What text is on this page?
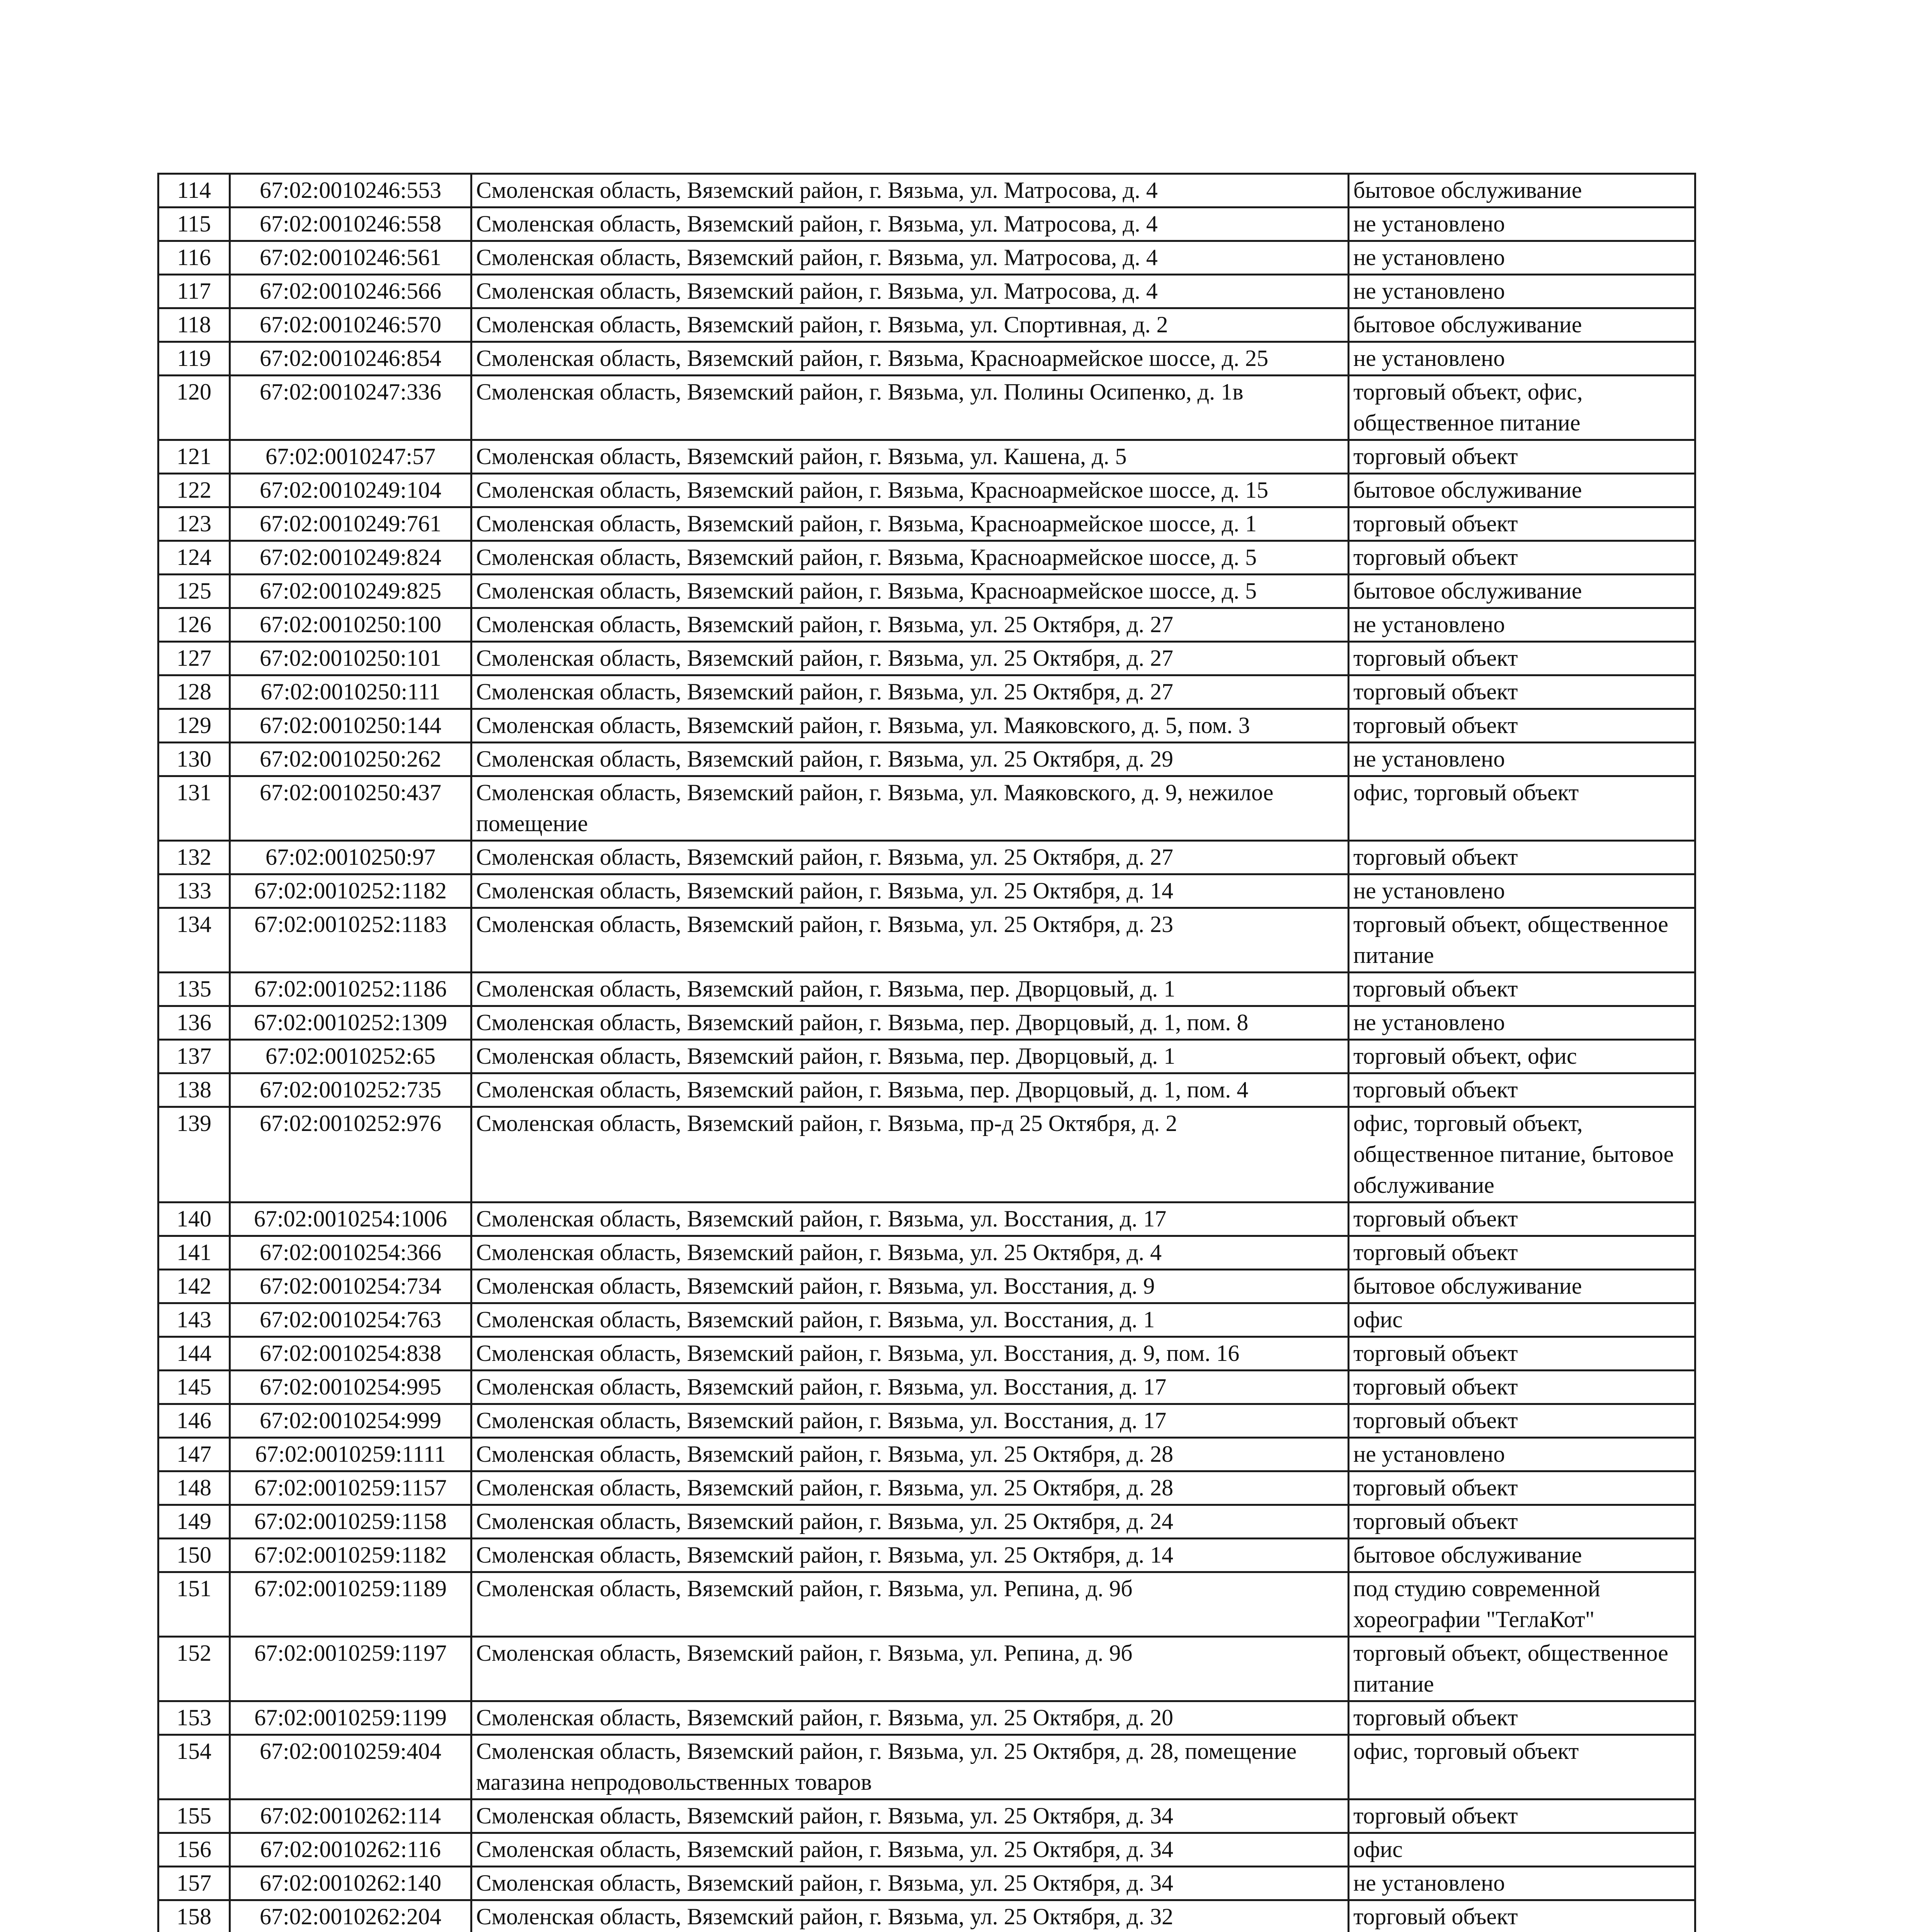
114	67:02:0010246:553	Смоленская область, Вяземский район, г. Вязьма, ул. Матросова, д. 4	бытовое обслуживание
115	67:02:0010246:558	Смоленская область, Вяземский район, г. Вязьма, ул. Матросова, д. 4	не установлено
116	67:02:0010246:561	Смоленская область, Вяземский район, г. Вязьма, ул. Матросова, д. 4	не установлено
117	67:02:0010246:566	Смоленская область, Вяземский район, г. Вязьма, ул. Матросова, д. 4	не установлено
118	67:02:0010246:570	Смоленская область, Вяземский район, г. Вязьма, ул. Спортивная, д. 2	бытовое обслуживание
119	67:02:0010246:854	Смоленская область, Вяземский район, г. Вязьма, Красноармейское шоссе, д. 25	не установлено
120	67:02:0010247:336	Смоленская область, Вяземский район, г. Вязьма, ул. Полины Осипенко, д. 1в	торговый объект, офис, общественное питание
121	67:02:0010247:57	Смоленская область, Вяземский район, г. Вязьма, ул. Кашена, д. 5	торговый объект
122	67:02:0010249:104	Смоленская область, Вяземский район, г. Вязьма, Красноармейское шоссе, д. 15	бытовое обслуживание
123	67:02:0010249:761	Смоленская область, Вяземский район, г. Вязьма, Красноармейское шоссе, д. 1	торговый объект
124	67:02:0010249:824	Смоленская область, Вяземский район, г. Вязьма, Красноармейское шоссе, д. 5	торговый объект
125	67:02:0010249:825	Смоленская область, Вяземский район, г. Вязьма, Красноармейское шоссе, д. 5	бытовое обслуживание
126	67:02:0010250:100	Смоленская область, Вяземский район, г. Вязьма, ул. 25 Октября, д. 27	не установлено
127	67:02:0010250:101	Смоленская область, Вяземский район, г. Вязьма, ул. 25 Октября, д. 27	торговый объект
128	67:02:0010250:111	Смоленская область, Вяземский район, г. Вязьма, ул. 25 Октября, д. 27	торговый объект
129	67:02:0010250:144	Смоленская область, Вяземский район, г. Вязьма, ул. Маяковского, д. 5, пом. 3	торговый объект
130	67:02:0010250:262	Смоленская область, Вяземский район, г. Вязьма, ул. 25 Октября, д. 29	не установлено
131	67:02:0010250:437	Смоленская область, Вяземский район, г. Вязьма, ул. Маяковского, д. 9, нежилое помещение	офис, торговый объект
132	67:02:0010250:97	Смоленская область, Вяземский район, г. Вязьма, ул. 25 Октября, д. 27	торговый объект
133	67:02:0010252:1182	Смоленская область, Вяземский район, г. Вязьма, ул. 25 Октября, д. 14	не установлено
134	67:02:0010252:1183	Смоленская область, Вяземский район, г. Вязьма, ул. 25 Октября, д. 23	торговый объект, общественное питание
135	67:02:0010252:1186	Смоленская область, Вяземский район, г. Вязьма, пер. Дворцовый, д. 1	торговый объект
136	67:02:0010252:1309	Смоленская область, Вяземский район, г. Вязьма, пер. Дворцовый, д. 1, пом. 8	не установлено
137	67:02:0010252:65	Смоленская область, Вяземский район, г. Вязьма, пер. Дворцовый, д. 1	торговый объект, офис
138	67:02:0010252:735	Смоленская область, Вяземский район, г. Вязьма, пер. Дворцовый, д. 1, пом. 4	торговый объект
139	67:02:0010252:976	Смоленская область, Вяземский район, г. Вязьма, пр-д 25 Октября, д. 2	офис, торговый объект, общественное питание, бытовое обслуживание
140	67:02:0010254:1006	Смоленская область, Вяземский район, г. Вязьма, ул. Восстания, д. 17	торговый объект
141	67:02:0010254:366	Смоленская область, Вяземский район, г. Вязьма, ул. 25 Октября, д. 4	торговый объект
142	67:02:0010254:734	Смоленская область, Вяземский район, г. Вязьма, ул. Восстания, д. 9	бытовое обслуживание
143	67:02:0010254:763	Смоленская область, Вяземский район, г. Вязьма, ул. Восстания, д. 1	офис
144	67:02:0010254:838	Смоленская область, Вяземский район, г. Вязьма, ул. Восстания, д. 9, пом. 16	торговый объект
145	67:02:0010254:995	Смоленская область, Вяземский район, г. Вязьма, ул. Восстания, д. 17	торговый объект
146	67:02:0010254:999	Смоленская область, Вяземский район, г. Вязьма, ул. Восстания, д. 17	торговый объект
147	67:02:0010259:1111	Смоленская область, Вяземский район, г. Вязьма, ул. 25 Октября, д. 28	не установлено
148	67:02:0010259:1157	Смоленская область, Вяземский район, г. Вязьма, ул. 25 Октября, д. 28	торговый объект
149	67:02:0010259:1158	Смоленская область, Вяземский район, г. Вязьма, ул. 25 Октября, д. 24	торговый объект
150	67:02:0010259:1182	Смоленская область, Вяземский район, г. Вязьма, ул. 25 Октября, д. 14	бытовое обслуживание
151	67:02:0010259:1189	Смоленская область, Вяземский район, г. Вязьма, ул. Репина, д. 9б	под студию современной хореографии "ТеглаКот"
152	67:02:0010259:1197	Смоленская область, Вяземский район, г. Вязьма, ул. Репина, д. 9б	торговый объект, общественное питание
153	67:02:0010259:1199	Смоленская область, Вяземский район, г. Вязьма, ул. 25 Октября, д. 20	торговый объект
154	67:02:0010259:404	Смоленская область, Вяземский район, г. Вязьма, ул. 25 Октября, д. 28, помещение магазина непродовольственных товаров	офис, торговый объект
155	67:02:0010262:114	Смоленская область, Вяземский район, г. Вязьма, ул. 25 Октября, д. 34	торговый объект
156	67:02:0010262:116	Смоленская область, Вяземский район, г. Вязьма, ул. 25 Октября, д. 34	офис
157	67:02:0010262:140	Смоленская область, Вяземский район, г. Вязьма, ул. 25 Октября, д. 34	не установлено
158	67:02:0010262:204	Смоленская область, Вяземский район, г. Вязьма, ул. 25 Октября, д. 32	торговый объект
